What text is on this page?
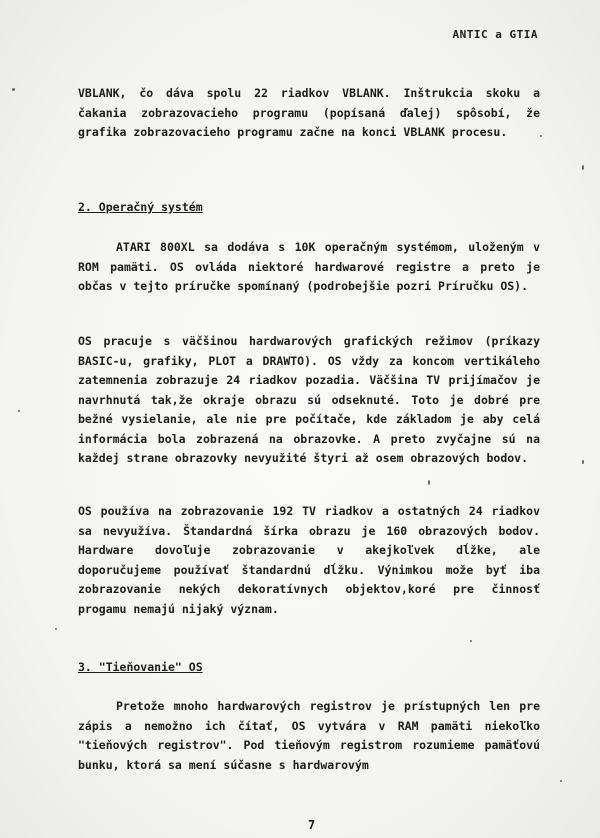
ANTIC a GTIA

VBLANK, čo dáva spolu 22 riadkov VBLANK. Inštrukcia skoku a čakania zobrazovacieho programu (popísaná ďalej) spôsobí, že grafika zobrazovacieho programu začne na konci VBLANK procesu.

2. Operačný systém

ATARI 800XL sa dodáva s 10K operačným systémom, uloženým v ROM pamäti. OS ovláda niektoré hardwarové registre a preto je občas v tejto príručke spomínaný (podrobejšie pozri Príručku OS).

OS pracuje s väčšinou hardwarových grafických režimov (príkazy BASIC-u, grafiky, PLOT a DRAWTO). OS vždy za koncom vertikáleho zatemnenia zobrazuje 24 riadkov pozadia. Väčšina TV prijímačov je navrhnutá tak,že okraje obrazu sú odseknuté. Toto je dobré pre bežné vysielanie, ale nie pre počítače, kde základom je aby celá informácia bola zobrazená na obrazovke. A preto zvyčajne sú na každej strane obrazovky nevyužité štyri až osem obrazových bodov.

OS používa na zobrazovanie 192 TV riadkov a ostatných 24 riadkov sa nevyužíva. Štandardná šírka obrazu je 160 obrazových bodov. Hardware dovoľuje zobrazovanie v akejkoľvek dĺžke, ale doporučujeme používať štandardnú dĺžku. Výnimkou može byť iba zobrazovanie nekých dekoratívnych objektov,koré pre činnosť progamu nemajú nijaký význam.

3. "Tieňovanie" OS

Pretože mnoho hardwarových registrov je prístupných len pre zápis a nemožno ich čítať, OS vytvára v RAM pamäti niekoľko "tieňových registrov". Pod tieňovým registrom rozumieme pamäťovú bunku, ktorá sa mení súčasne s hardwarovým

7
